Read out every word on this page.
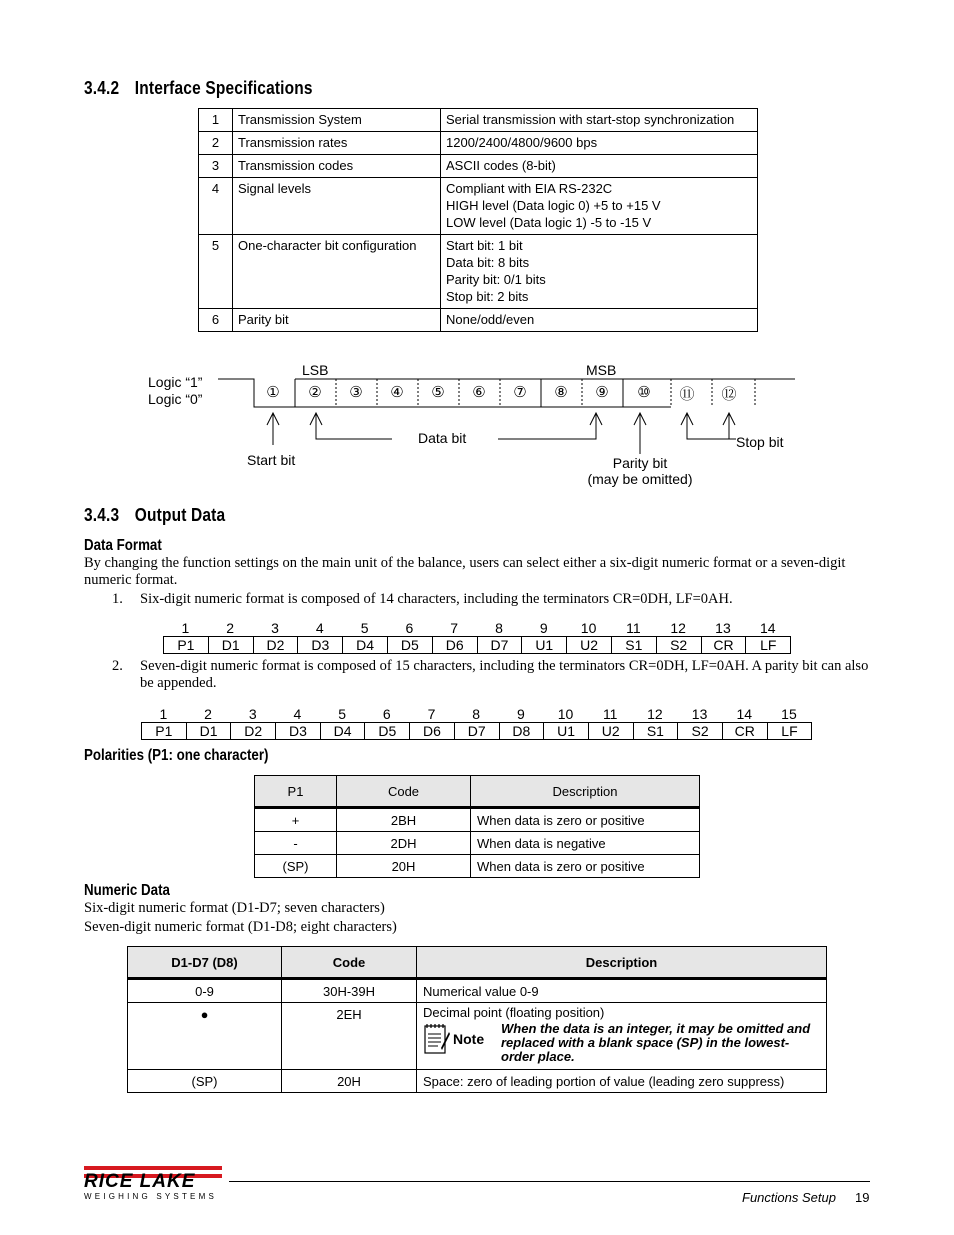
3.4.2 Interface Specifications
1	Transmission System	Serial transmission with start-stop synchronization

2	Transmission rates	1200/2400/4800/9600 bps

3	Transmission codes	ASCII codes (8-bit)

4	Signal levels	Compliant with EIA RS-232C
HIGH level (Data logic 0) +5 to +15 V
LOW level (Data logic 1) -5 to -15 V

5	One-character bit configuration	Start bit: 1 bit
Data bit: 8 bits
Parity bit: 0/1 bits
Stop bit: 2 bits

6	Parity bit	None/odd/even
Logic “1”
Logic “0”
LSB	MSB
① ② ③ ④ ⑤ ⑥ ⑦ ⑧ ⑨ ⑩ ⑪ ⑫
Data bit
Start bit
Stop bit
Parity bit
(may be omitted)
3.4.3 Output Data
Data Format
By changing the function settings on the main unit of the balance, users can select either a six-digit numeric format or a seven-digit numeric format.
1. Six-digit numeric format is composed of 14 characters, including the terminators CR=0DH, LF=0AH.
1	2	3	4	5	6	7	8	9	10	11	12	13	14
P1	D1	D2	D3	D4	D5	D6	D7	U1	U2	S1	S2	CR	LF
2. Seven-digit numeric format is composed of 15 characters, including the terminators CR=0DH, LF=0AH. A parity bit can also be appended.
1	2	3	4	5	6	7	8	9	10	11	12	13	14	15
P1	D1	D2	D3	D4	D5	D6	D7	D8	U1	U2	S1	S2	CR	LF
Polarities (P1: one character)
P1	Code	Description
+	2BH	When data is zero or positive
-	2DH	When data is negative
(SP)	20H	When data is zero or positive
Numeric Data
Six-digit numeric format (D1-D7; seven characters)
Seven-digit numeric format (D1-D8; eight characters)
D1-D7 (D8)	Code	Description
0-9	30H-39H	Numerical value 0-9
●	2EH	Decimal point (floating position)
Note
When the data is an integer, it may be omitted and replaced with a blank space (SP) in the lowest-order place.

(SP)	20H	Space: zero of leading portion of value (leading zero suppress)
RICE LAKE
WEIGHING SYSTEMS	Functions Setup 19
